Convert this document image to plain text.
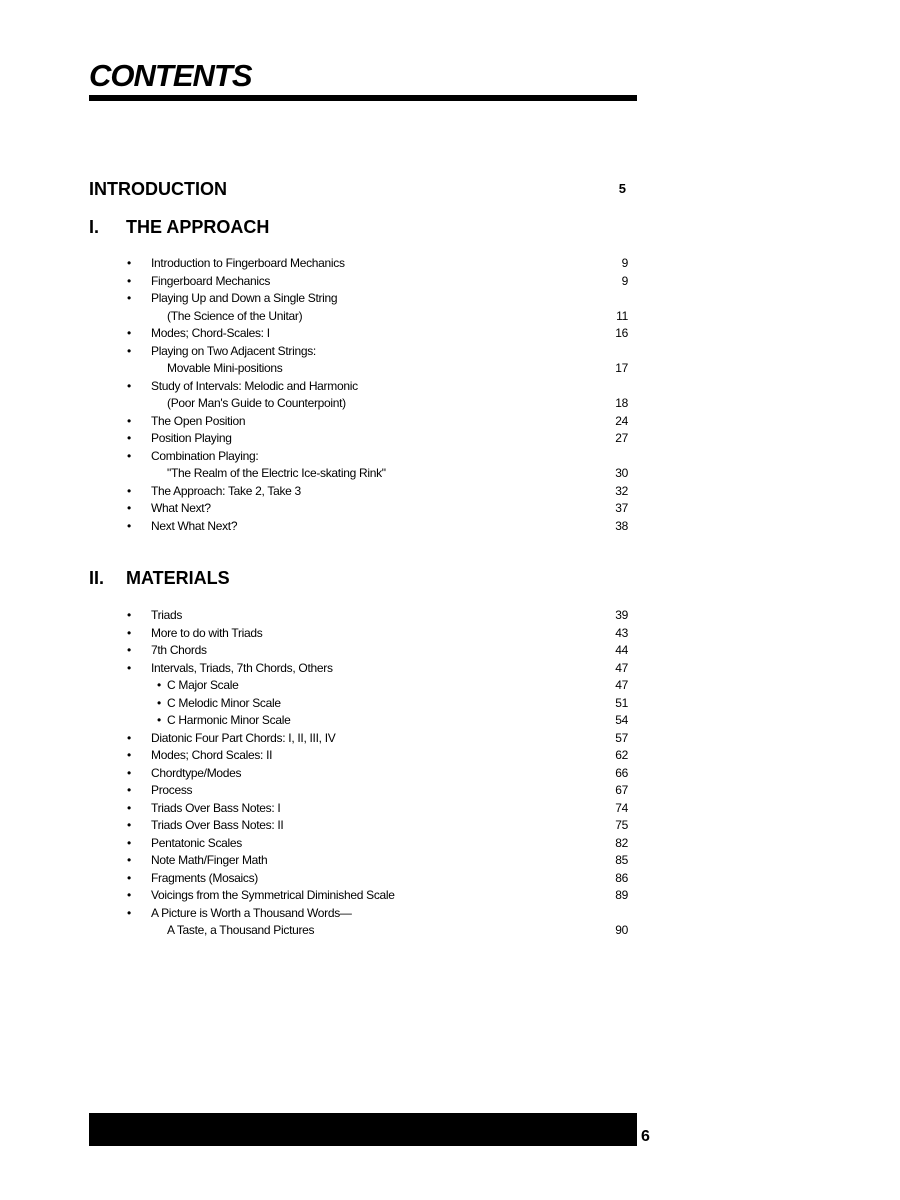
CONTENTS
INTRODUCTION	5
I. THE APPROACH
• Introduction to Fingerboard Mechanics	9
• Fingerboard Mechanics	9
• Playing Up and Down a Single String
(The Science of the Unitar)	11
• Modes; Chord-Scales: I	16
• Playing on Two Adjacent Strings:
Movable Mini-positions	17
• Study of Intervals: Melodic and Harmonic
(Poor Man's Guide to Counterpoint)	18
• The Open Position	24
• Position Playing	27
• Combination Playing:
"The Realm of the Electric Ice-skating Rink"	30
• The Approach: Take 2, Take 3	32
• What Next?	37
• Next What Next?	38
II. MATERIALS
• Triads	39
• More to do with Triads	43
• 7th Chords	44
• Intervals, Triads, 7th Chords, Others	47
• C Major Scale	47
• C Melodic Minor Scale	51
• C Harmonic Minor Scale	54
• Diatonic Four Part Chords: I, II, III, IV	57
• Modes; Chord Scales: II	62
• Chordtype/Modes	66
• Process	67
• Triads Over Bass Notes: I	74
• Triads Over Bass Notes: II	75
• Pentatonic Scales	82
• Note Math/Finger Math	85
• Fragments (Mosaics)	86
• Voicings from the Symmetrical Diminished Scale	89
• A Picture is Worth a Thousand Words—
A Taste, a Thousand Pictures	90
6
